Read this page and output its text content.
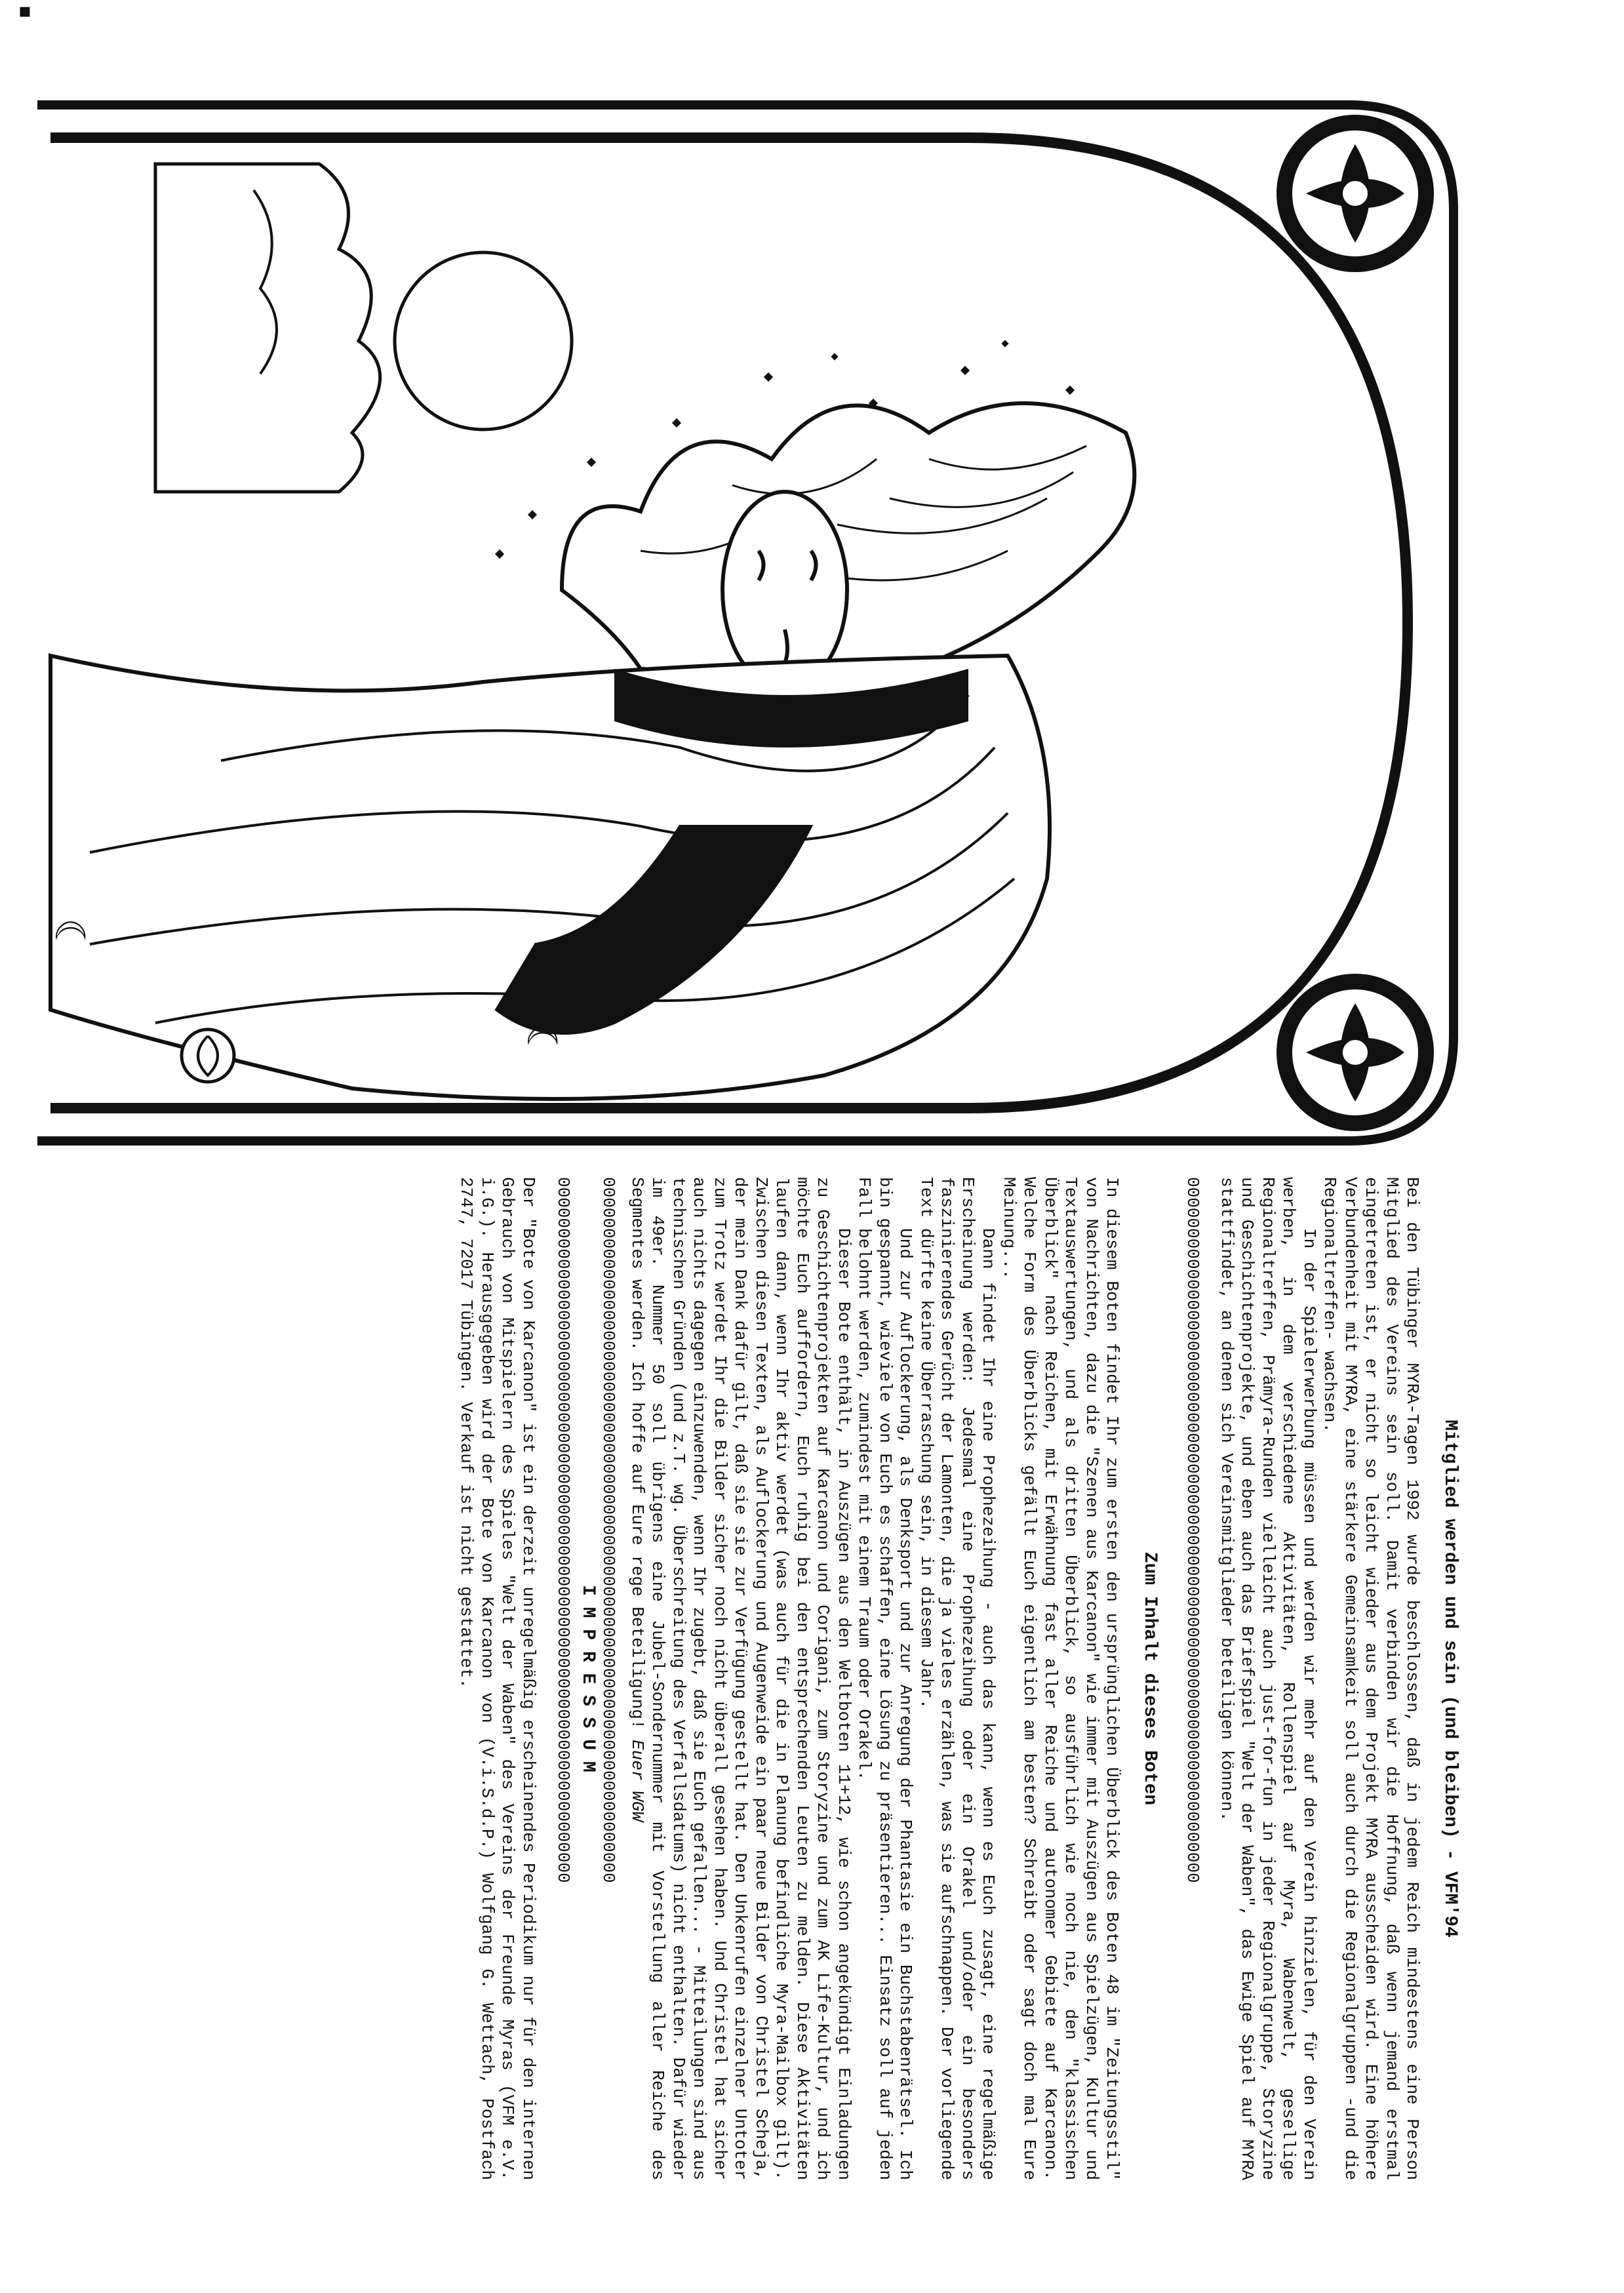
☾
☾
▪
Mitglied werden und sein (und bleiben) - VFM'94

Bei den Tübinger MYRA-Tagen 1992 wurde beschlossen, daß in jedem Reich mindestens eine Person Mitglied des Vereins sein soll. Damit verbinden wir die Hoffnung, daß wenn jemand erstmal eingetreten ist, er nicht so leicht wieder aus dem Projekt MYRA ausscheiden wird. Eine höhere Verbundenheit mit MYRA, eine stärkere Gemeinsamkeit soll auch durch die Regionalgruppen -und die Regionaltreffen- wachsen.

In der Spielerwerbung müssen und werden wir mehr auf den Verein hinzielen, für den Verein werben, in dem verschiedene Aktivitäten, Rollenspiel auf Myra, Wabenwelt, gesellige Regionaltreffen, Prämyra-Runden vielleicht auch just-for-fun in jeder Regionalgruppe, Storyzine und Geschichtenprojekte, und eben auch das Briefspiel "Welt der Waben", das Ewige Spiel auf MYRA stattfindet, an denen sich Vereinsmitglieder beteiligen können.

000000000000000000000000000000000000000000000000000000000000000000000
Zum Inhalt dieses Boten

In diesem Boten findet Ihr zum ersten den ursprünglichen Überblick des Boten 48 im "Zeitungsstil" von Nachrichten, dazu die "Szenen aus Karcanon" wie immer mit Auszügen aus Spielzügen, Kultur und Textauswertungen, und als dritten Überblick, so ausführlich wie noch nie, den "klassischen Überblick" nach Reichen, mit Erwähnung fast aller Reiche und autonomer Gebiete auf Karcanon. Welche Form des Überblicks gefällt Euch eigentlich am besten? Schreibt oder sagt doch mal Eure Meinung...

Dann findet Ihr eine Prophezeihung - auch das kann, wenn es Euch zusagt, eine regelmäßige Erscheinung werden: Jedesmal eine Prophezeihung oder ein Orakel und/oder ein besonders faszinierendes Gerücht der Lamonten, die ja vieles erzählen, was sie aufschnappen. Der vorliegende Text dürfte keine Überraschung sein, in diesem Jahr.

Und zur Auflockerung, als Denksport und zur Anregung der Phantasie ein Buchstabenrätsel. Ich bin gespannt, wieviele von Euch es schaffen, eine Lösung zu präsentieren... Einsatz soll auf jeden Fall belohnt werden, zumindest mit einem Traum oder Orakel.

Dieser Bote enthält, in Auszügen aus den Weltboten 11+12, wie schon angekündigt Einladungen zu Geschichtenprojekten auf Karcanon und Corigani, zum Storyzine und zum AK Life-Kultur, und ich möchte Euch auffordern, Euch ruhig bei den entsprechenden Leuten zu melden. Diese Aktivitäten laufen dann, wenn Ihr aktiv werdet (was auch für die in Planung befindliche Myra-Mailbox gilt). Zwischen diesen Texten, als Auflockerung und Augenweide ein paar neue Bilder von Christel Scheja, der mein Dank dafür gilt, daß sie sie zur Verfügung gestellt hat. Den Unkenrufen einzelner Untoter zum Trotz werdet Ihr die Bilder sicher noch nicht überall gesehen haben. Und Christel hat sicher auch nichts dagegen einzuwenden, wenn Ihr zugebt, daß sie Euch gefallen... - Mitteilungen sind aus technischen Gründen (und z.T. wg. Überschreitung des Verfallsdatums) nicht enthalten. Dafür wieder im 49er. Nummer 50 soll übrigens eine Jubel-Sondernummer mit Vorstellung aller Reiche des Segmentes werden. Ich hoffe auf Eure rege Beteiligung! Euer WGW

000000000000000000000000000000000000000000000000000000000000000000000
I M P R E S S U M
000000000000000000000000000000000000000000000000000000000000000000000

Der "Bote von Karcanon" ist ein derzeit unregelmäßig erscheinendes Periodikum nur für den internen Gebrauch von Mitspielern des Spieles "Welt der Waben" des Vereins der Freunde Myras (VFM e.V. i.G.). Herausgegeben wird der Bote von Karcanon von (V.i.S.d.P.) Wolfgang G. Wettach, Postfach 2747, 72017 Tübingen. Verkauf ist nicht gestattet.
